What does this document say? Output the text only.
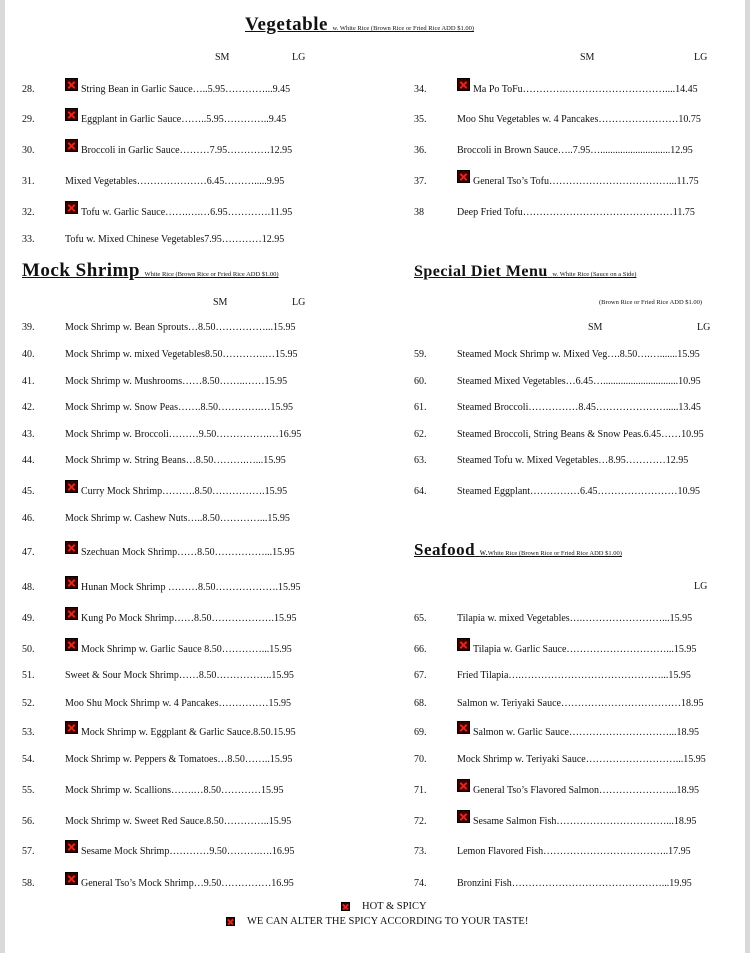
Vegetable w. White Rice (Brown Rice or Fried Rice ADD $1.00)
SM	LG	SM	LG
Mock Shrimp White Rice (Brown Rice or Fried Rice ADD $1.00)
SM	LG
Special Diet Menu w. White Rice (Sauce on a Side)
(Brown Rice or Fried Rice ADD $1.00)
SM	LG
Seafood w.White Rice (Brown Rice or Fried Rice ADD $1.00)
LG
28.	String Bean in Garlic Sauce…..5.95…………...9.45
29.	Eggplant in Garlic Sauce……..5.95…………..9.45
30.	Broccoli in Garlic Sauce………7.95………….12.95
31.	Mixed Vegetables…………………6.45……….....9.95
32.	Tofu w. Garlic Sauce…….….…6.95………….11.95
33.	Tofu w. Mixed Chinese Vegetables7.95…………12.95
34.	Ma Po ToFu………….…………………………....14.45
35.	Moo Shu Vegetables w. 4 Pancakes……………………10.75
36.	Broccoli in Brown Sauce…..7.95…............................12.95
37.	General Tso’s Tofu………………………………...11.75
38	Deep Fried Tofu………………………………………11.75
39.	Mock Shrimp w. Bean Sprouts…8.50……………...15.95
40.	Mock Shrimp w. mixed Vegetables8.50………….…15.95
41.	Mock Shrimp w. Mushrooms……8.50……..……15.95
42.	Mock Shrimp w. Snow Peas…….8.50………….…15.95
43.	Mock Shrimp w. Broccoli………9.50…………….…16.95
44.	Mock Shrimp w. String Beans…8.50……….…...15.95
45.	Curry Mock Shrimp……….8.50…………….15.95
46.	Mock Shrimp w. Cashew Nuts…..8.50…………...15.95
47.	Szechuan Mock Shrimp……8.50……………...15.95
48.	Hunan Mock Shrimp ………8.50……………….15.95
49.	Kung Po Mock Shrimp……8.50……………….15.95
50.	Mock Shrimp w. Garlic Sauce 8.50…………...15.95
51.	Sweet & Sour Mock Shrimp……8.50……………..15.95
52.	Moo Shu Mock Shrimp w. 4 Pancakes……………15.95
53.	Mock Shrimp w. Eggplant & Garlic Sauce.8.50.15.95
54.	Mock Shrimp w. Peppers & Tomatoes…8.50……..15.95
55.	Mock Shrimp w. Scallions…….…8.50…………15.95
56.	Mock Shrimp w. Sweet Red Sauce.8.50…………..15.95
57.	Sesame Mock Shrimp…………9.50……….….16.95
58.	General Tso’s Mock Shrimp…9.50……………16.95
59.	Steamed Mock Shrimp w. Mixed Veg….8.50….….......15.95
60.	Steamed Mixed Vegetables…6.45…..............................10.95
61.	Steamed Broccoli……………8.45………………….....13.45
62.	Steamed Broccoli, String Beans & Snow Peas.6.45……10.95
63.	Steamed Tofu w. Mixed Vegetables…8.95…………12.95
64.	Steamed Eggplant……………6.45……………………10.95
65.	Tilapia w. mixed Vegetables….……………………...15.95
66.	Tilapia w. Garlic Sauce…………………………...15.95
67.	Fried Tilapia….……………………………………...15.95
68.	Salmon w. Teriyaki Sauce………………………………18.95
69.	Salmon w. Garlic Sauce…………………………...18.95
70.	Mock Shrimp w. Teriyaki Sauce………………………...15.95
71.	General Tso’s Flavored Salmon…………………...18.95
72.	Sesame Salmon Fish……………………………...18.95
73.	Lemon Flavored Fish………………………………..17.95
74.	Bronzini Fish………………………………………...19.95
HOT & SPICY
WE CAN ALTER THE SPICY ACCORDING TO YOUR TASTE!
